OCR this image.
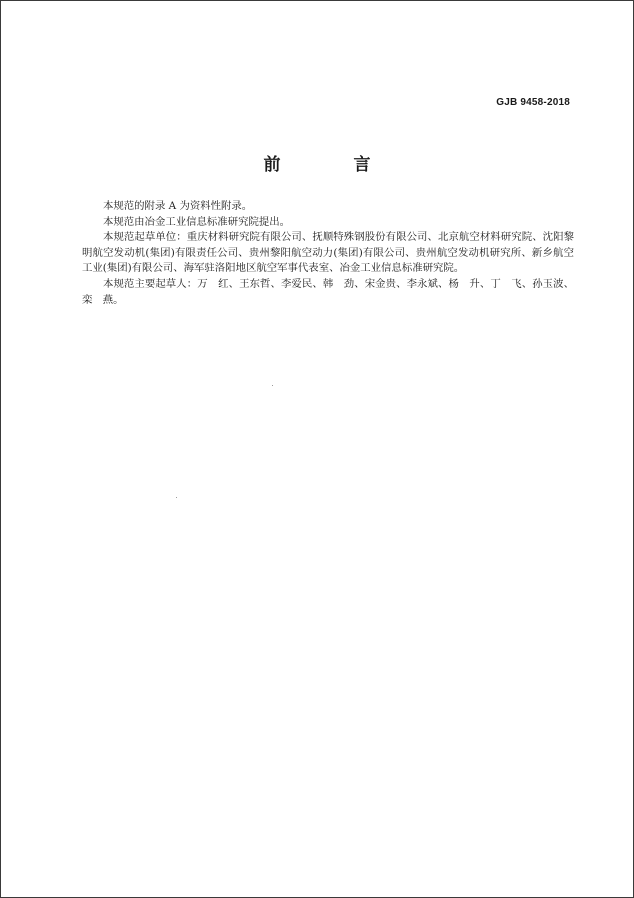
GJB 9458-2018
前　言

本规范的附录 A 为资料性附录。

本规范由冶金工业信息标准研究院提出。

本规范起草单位：重庆材料研究院有限公司、抚顺特殊钢股份有限公司、北京航空材料研究院、沈阳黎明航空发动机(集团)有限责任公司、贵州黎阳航空动力(集团)有限公司、贵州航空发动机研究所、新乡航空工业(集团)有限公司、海军驻洛阳地区航空军事代表室、冶金工业信息标准研究院。

本规范主要起草人：万　红、王东哲、李爱民、韩　劲、宋金贵、李永斌、杨　升、丁　飞、孙玉波、栾　燕。
